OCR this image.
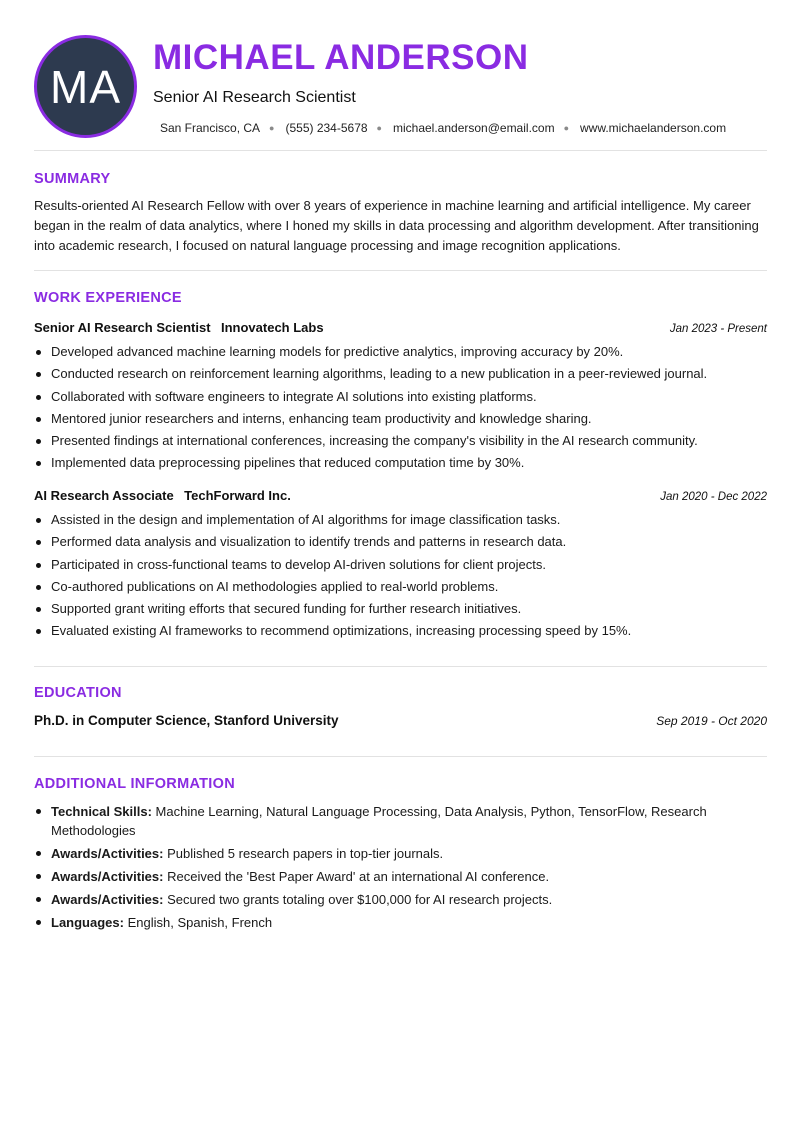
MA
MICHAEL ANDERSON
Senior AI Research Scientist
San Francisco, CA ● (555) 234-5678 ● michael.anderson@email.com ● www.michaelanderson.com
SUMMARY
Results-oriented AI Research Fellow with over 8 years of experience in machine learning and artificial intelligence. My career began in the realm of data analytics, where I honed my skills in data processing and algorithm development. After transitioning into academic research, I focused on natural language processing and image recognition applications.
WORK EXPERIENCE
Senior AI Research Scientist Innovatech Labs	Jan 2023 - Present
Developed advanced machine learning models for predictive analytics, improving accuracy by 20%.
Conducted research on reinforcement learning algorithms, leading to a new publication in a peer-reviewed journal.
Collaborated with software engineers to integrate AI solutions into existing platforms.
Mentored junior researchers and interns, enhancing team productivity and knowledge sharing.
Presented findings at international conferences, increasing the company's visibility in the AI research community.
Implemented data preprocessing pipelines that reduced computation time by 30%.
AI Research Associate TechForward Inc.	Jan 2020 - Dec 2022
Assisted in the design and implementation of AI algorithms for image classification tasks.
Performed data analysis and visualization to identify trends and patterns in research data.
Participated in cross-functional teams to develop AI-driven solutions for client projects.
Co-authored publications on AI methodologies applied to real-world problems.
Supported grant writing efforts that secured funding for further research initiatives.
Evaluated existing AI frameworks to recommend optimizations, increasing processing speed by 15%.
EDUCATION
Ph.D. in Computer Science, Stanford University	Sep 2019 - Oct 2020
ADDITIONAL INFORMATION
Technical Skills: Machine Learning, Natural Language Processing, Data Analysis, Python, TensorFlow, Research Methodologies
Awards/Activities: Published 5 research papers in top-tier journals.
Awards/Activities: Received the 'Best Paper Award' at an international AI conference.
Awards/Activities: Secured two grants totaling over $100,000 for AI research projects.
Languages: English, Spanish, French
